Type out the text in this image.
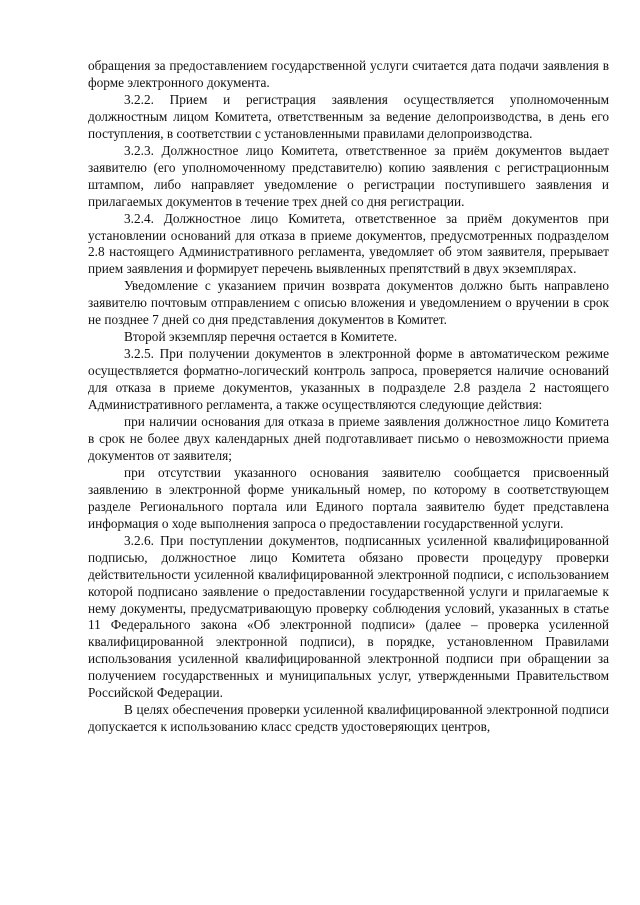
обращения за предоставлением государственной услуги считается дата подачи заявления в форме электронного документа.

3.2.2. Прием и регистрация заявления осуществляется уполномоченным должностным лицом Комитета, ответственным за ведение делопроизводства, в день его поступления, в соответствии с установленными правилами делопроизводства.

3.2.3. Должностное лицо Комитета, ответственное за приём документов выдает заявителю (его уполномоченному представителю) копию заявления с регистрационным штампом, либо направляет уведомление о регистрации поступившего заявления и прилагаемых документов в течение трех дней со дня регистрации.

3.2.4. Должностное лицо Комитета, ответственное за приём документов при установлении оснований для отказа в приеме документов, предусмотренных подразделом 2.8 настоящего Административного регламента, уведомляет об этом заявителя, прерывает прием заявления и формирует перечень выявленных препятствий в двух экземплярах.

Уведомление с указанием причин возврата документов должно быть направлено заявителю почтовым отправлением с описью вложения и уведомлением о вручении в срок не позднее 7 дней со дня представления документов в Комитет.

Второй экземпляр перечня остается в Комитете.

3.2.5. При получении документов в электронной форме в автоматическом режиме осуществляется форматно-логический контроль запроса, проверяется наличие оснований для отказа в приеме документов, указанных в подразделе 2.8 раздела 2 настоящего Административного регламента, а также осуществляются следующие действия:

при наличии основания для отказа в приеме заявления должностное лицо Комитета в срок не более двух календарных дней подготавливает письмо о невозможности приема документов от заявителя;

при отсутствии указанного основания заявителю сообщается присвоенный заявлению в электронной форме уникальный номер, по которому в соответствующем разделе Регионального портала или Единого портала заявителю будет представлена информация о ходе выполнения запроса о предоставлении государственной услуги.

3.2.6. При поступлении документов, подписанных усиленной квалифицированной подписью, должностное лицо Комитета обязано провести процедуру проверки действительности усиленной квалифицированной электронной подписи, с использованием которой подписано заявление о предоставлении государственной услуги и прилагаемые к нему документы, предусматривающую проверку соблюдения условий, указанных в статье 11 Федерального закона «Об электронной подписи» (далее – проверка усиленной квалифицированной электронной подписи), в порядке, установленном Правилами использования усиленной квалифицированной электронной подписи при обращении за получением государственных и муниципальных услуг, утвержденными Правительством Российской Федерации.

В целях обеспечения проверки усиленной квалифицированной электронной подписи допускается к использованию класс средств удостоверяющих центров,
